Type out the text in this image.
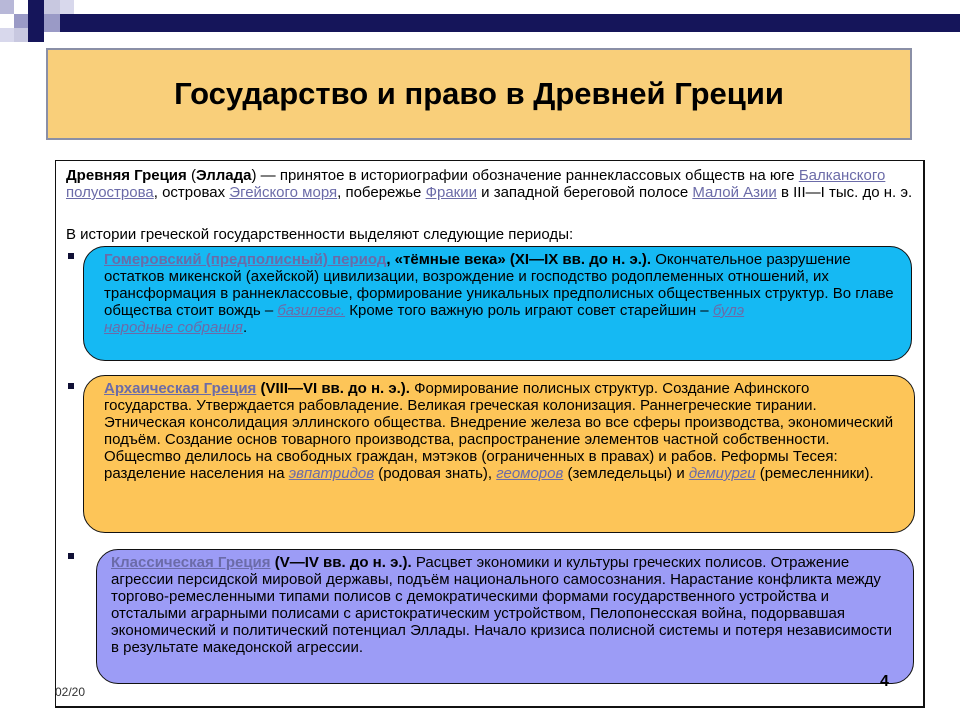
Государство и право в Древней Греции
Древняя Греция (Эллада) — принятое в историографии обозначение раннеклассовых обществ на юге Балканского полуострова, островах Эгейского моря, побережье Фракии и западной береговой полосе Малой Азии в III—I тыс. до н. э.
В истории греческой государственности выделяют следующие периоды:
Гомеровский (предполисный) период, «тёмные века» (XI—IX вв. до н. э.). Окончательное разрушение остатков микенской (ахейской) цивилизации, возрождение и господство родоплеменных отношений, их трансформация в раннеклассовые, формирование уникальных предполисных общественных структур. Во главе общества стоит вождь – базилевс. Кроме того важную роль играют совет старейшин – булэ
народные собрания.
Архаическая Греция (VIII—VI вв. до н. э.). Формирование полисных структур. Создание Афинского государства. Утверждается рабовладение. Великая греческая колонизация. Раннегреческие тирании. Этническая консолидация эллинского общества. Внедрение железа во все сферы производства, экономический подъём. Создание основ товарного производства, распространение элементов частной собственности. Общесmво делилось на свободных граждан, мэтэков (ограниченных в правах) и рабов. Реформы Тесея: разделение населения на эвпатридов (родовая знать), геоморов (земледельцы) и демиурги (ремесленники).
Классическая Греция (V—IV вв. до н. э.). Расцвет экономики и культуры греческих полисов. Отражение агрессии персидской мировой державы, подъём национального самосознания. Нарастание конфликта между торгово-ремесленными типами полисов с демократическими формами государственного устройства и отсталыми аграрными полисами с аристократическим устройством, Пелопонесская война, подорвавшая экономический и политический потенциал Эллады. Начало кризиса полисной системы и потеря независимости в результате македонской агрессии.
02/20
4
